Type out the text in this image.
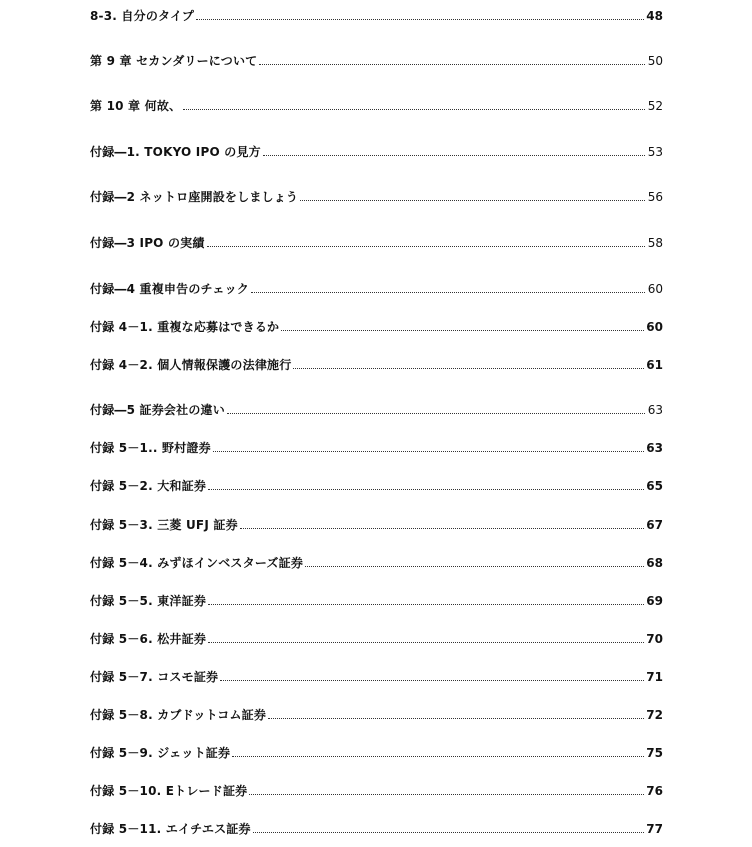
8-3. 自分のタイプ	48
第 9 章 セカンダリーについて	50
第 10 章 何故、	52
付録―1. TOKYO IPO の見方	53
付録―2 ネットロ座開設をしましょう	56
付録―3 IPO の実績	58
付録―4 重複申告のチェック	60
付録 4－1. 重複な応募はできるか	60
付録 4－2. 個人情報保護の法律施行	61
付録―5 証券会社の違い	63
付録 5－1.. 野村證券	63
付録 5－2. 大和証券	65
付録 5－3. 三菱 UFJ 証券	67
付録 5－4. みずほインベスターズ証券	68
付録 5－5. 東洋証券	69
付録 5－6. 松井証券	70
付録 5－7. コスモ証券	71
付録 5－8. カブドットコム証券	72
付録 5－9. ジェット証券	75
付録 5－10. Eトレード証券	76
付録 5－11. エイチエス証券	77
